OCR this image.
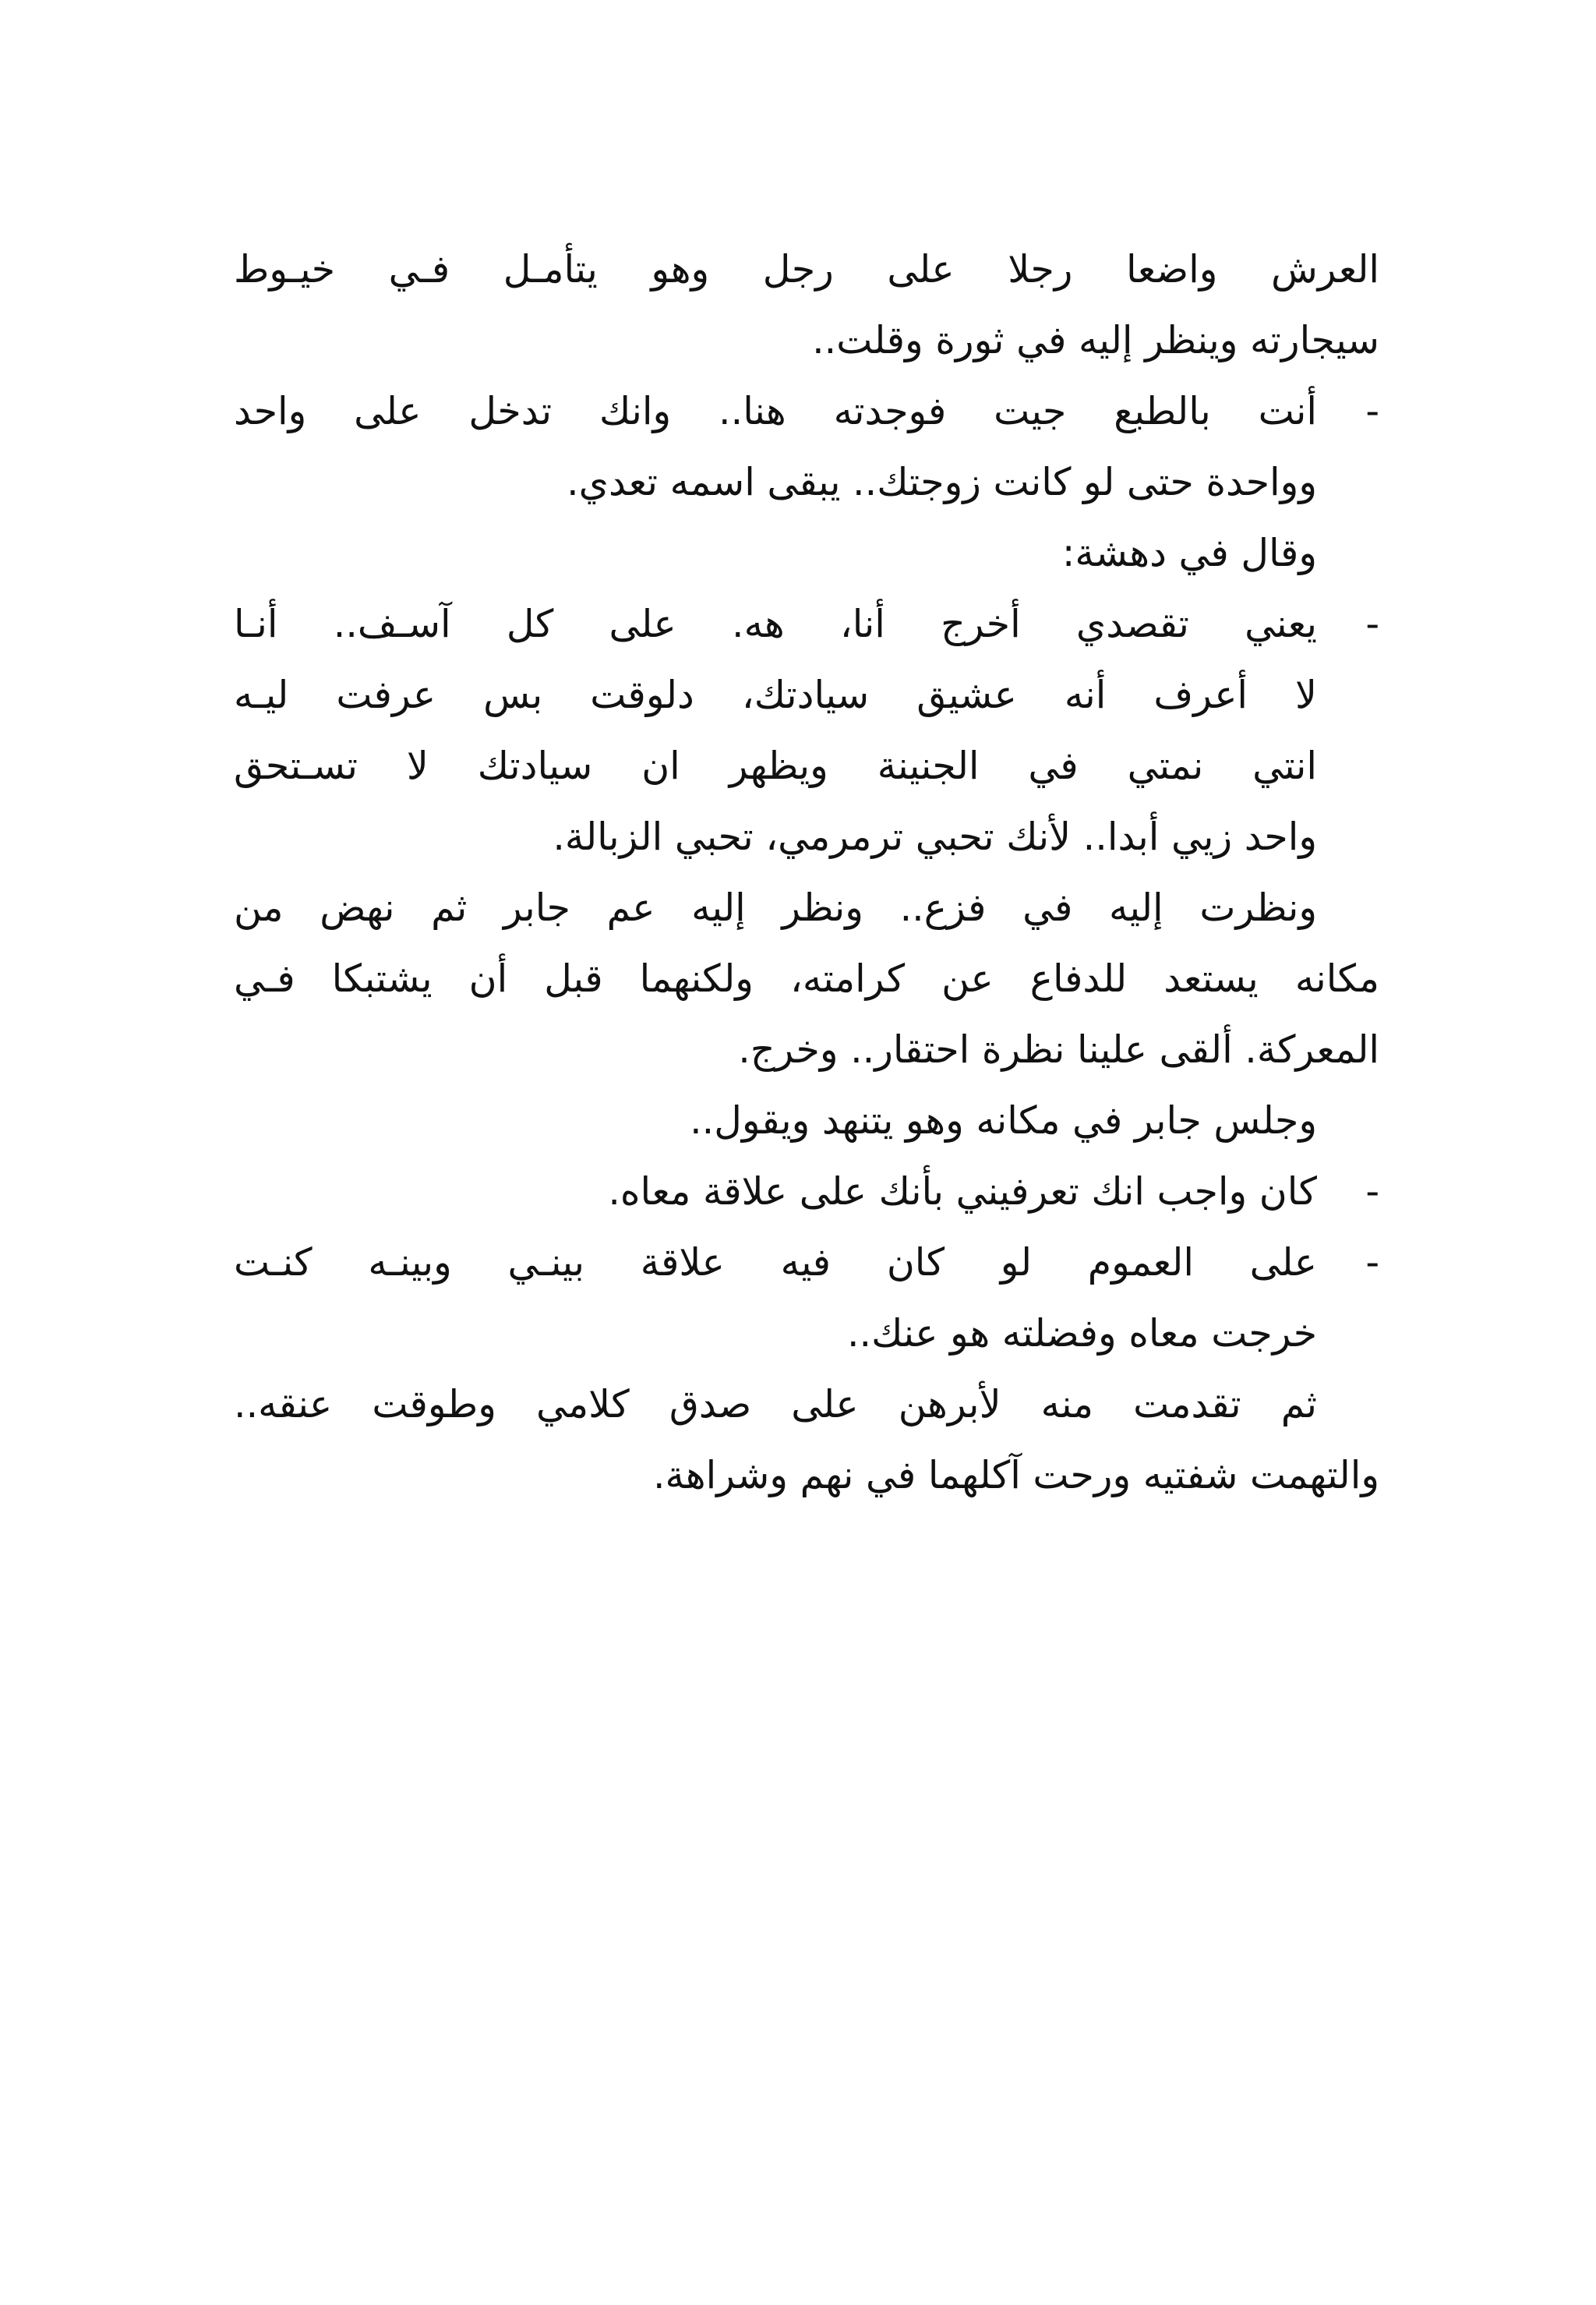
العرش واضعا رجلا على رجل وهو يتأمـل فـي خيـوط
سيجارته وينظر إليه في ثورة وقلت..
-
أنت بالطبع جيت فوجدته هنا.. وانك تدخل على واحد
وواحدة حتى لو كانت زوجتك.. يبقى اسمه تعدي.
وقال في دهشة:
-
يعني تقصدي أخرج أنا، هه. على كل آسـف.. أنـا
لا أعرف أنه عشيق سيادتك، دلوقت بس عرفت ليـه
انتي نمتي في الجنينة ويظهر ان سيادتك لا تسـتحق
واحد زيي أبدا.. لأنك تحبي ترمرمي، تحبي الزبالة.
ونظرت إليه في فزع.. ونظر إليه عم جابر ثم نهض من
مكانه يستعد للدفاع عن كرامته، ولكنهما قبل أن يشتبكا فـي
المعركة. ألقى علينا نظرة احتقار.. وخرج.
وجلس جابر في مكانه وهو يتنهد ويقول..
-
كان واجب انك تعرفيني بأنك على علاقة معاه.
-
على العموم لو كان فيه علاقة بينـي وبينـه كنـت
خرجت معاه وفضلته هو عنك..
ثم تقدمت منه لأبرهن على صدق كلامي وطوقت عنقه..
والتهمت شفتيه ورحت آكلهما في نهم وشراهة.
